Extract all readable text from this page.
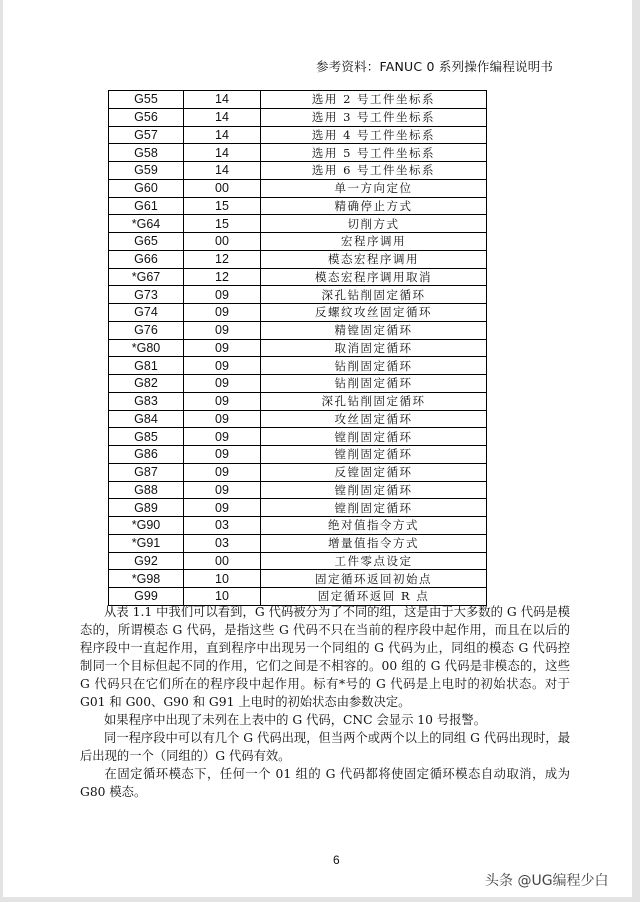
参考资料：FANUC 0 系列操作编程说明书
G55	14	选用 2 号工件坐标系
G56	14	选用 3 号工件坐标系
G57	14	选用 4 号工件坐标系
G58	14	选用 5 号工件坐标系
G59	14	选用 6 号工件坐标系
G60	00	单一方向定位
G61	15	精确停止方式
*G64	15	切削方式
G65	00	宏程序调用
G66	12	模态宏程序调用
*G67	12	模态宏程序调用取消
G73	09	深孔钻削固定循环
G74	09	反螺纹攻丝固定循环
G76	09	精镗固定循环
*G80	09	取消固定循环
G81	09	钻削固定循环
G82	09	钻削固定循环
G83	09	深孔钻削固定循环
G84	09	攻丝固定循环
G85	09	镗削固定循环
G86	09	镗削固定循环
G87	09	反镗固定循环
G88	09	镗削固定循环
G89	09	镗削固定循环
*G90	03	绝对值指令方式
*G91	03	增量值指令方式
G92	00	工件零点设定
*G98	10	固定循环返回初始点
G99	10	固定循环返回 R 点
从表 1.1 中我们可以看到，G 代码被分为了不同的组，这是由于大多数的 G 代码是模态的，所谓模态 G 代码，是指这些 G 代码不只在当前的程序段中起作用，而且在以后的程序段中一直起作用，直到程序中出现另一个同组的 G 代码为止，同组的模态 G 代码控制同一个目标但起不同的作用，它们之间是不相容的。00 组的 G 代码是非模态的，这些 G 代码只在它们所在的程序段中起作用。标有*号的 G 代码是上电时的初始状态。对于 G01 和 G00、G90 和 G91 上电时的初始状态由参数决定。
如果程序中出现了未列在上表中的 G 代码，CNC 会显示 10 号报警。
同一程序段中可以有几个 G 代码出现，但当两个或两个以上的同组 G 代码出现时，最后出现的一个（同组的）G 代码有效。
在固定循环模态下，任何一个 01 组的 G 代码都将使固定循环模态自动取消，成为 G80 模态。
6
头条 @UG编程少白
